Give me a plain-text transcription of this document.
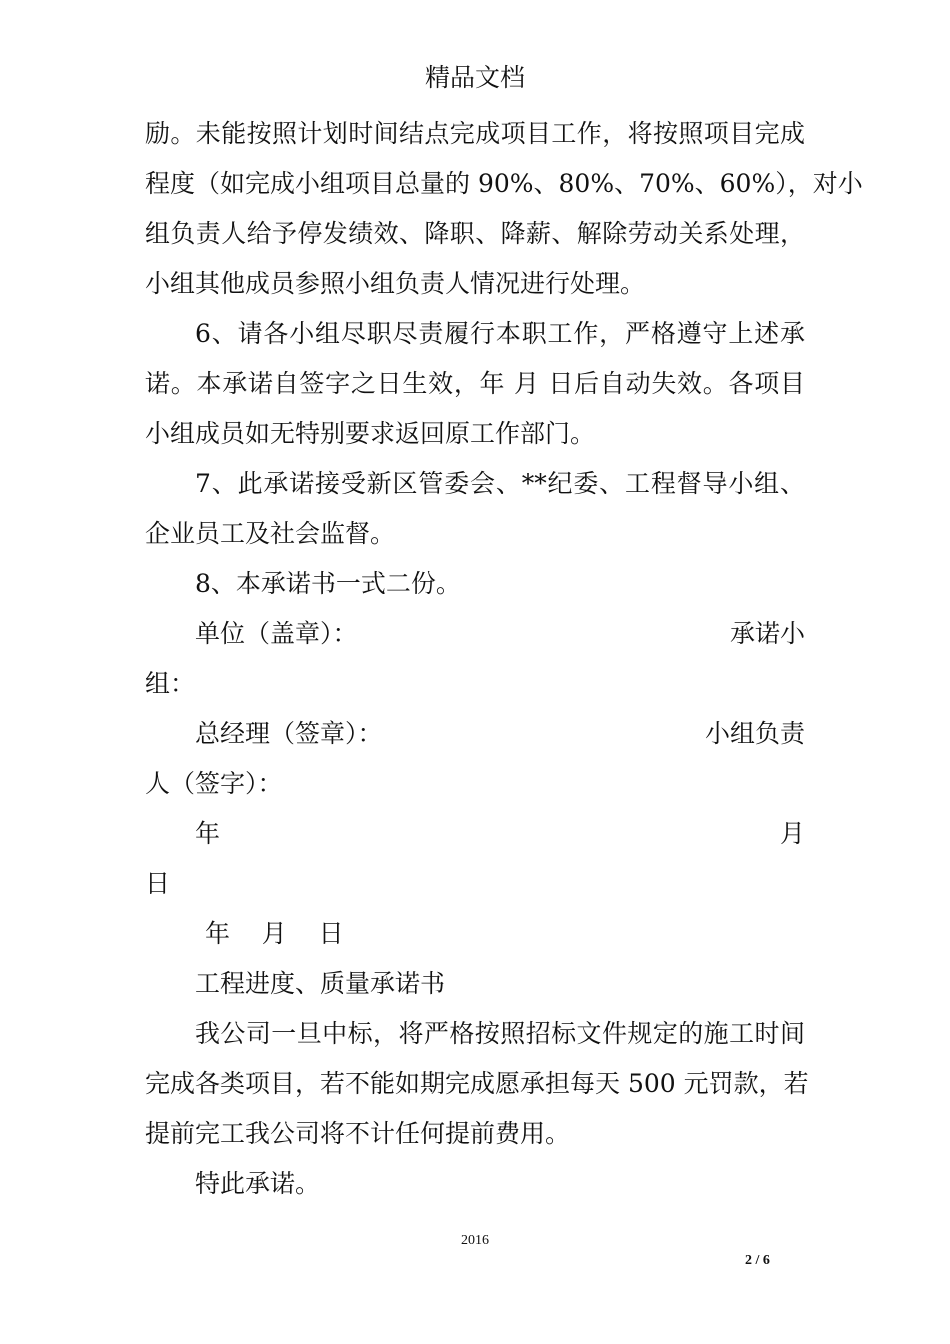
精品文档
励。未能按照计划时间结点完成项目工作，将按照项目完成
程度（如完成小组项目总量的 90%、80%、70%、60%），对小
组负责人给予停发绩效、降职、降薪、解除劳动关系处理，
小组其他成员参照小组负责人情况进行处理。
6、请各小组尽职尽责履行本职工作，严格遵守上述承
诺。本承诺自签字之日生效，年 月 日后自动失效。各项目
小组成员如无特别要求返回原工作部门。
7、此承诺接受新区管委会、**纪委、工程督导小组、
企业员工及社会监督。
8、本承诺书一式二份。
单位（盖章）：	承诺小
组：
总经理（签章）：	小组负责
人（签字）：
年	月
日
年    月    日
工程进度、质量承诺书
我公司一旦中标，将严格按照招标文件规定的施工时间
完成各类项目，若不能如期完成愿承担每天 500 元罚款，若
提前完工我公司将不计任何提前费用。
特此承诺。
2016
2 / 6
